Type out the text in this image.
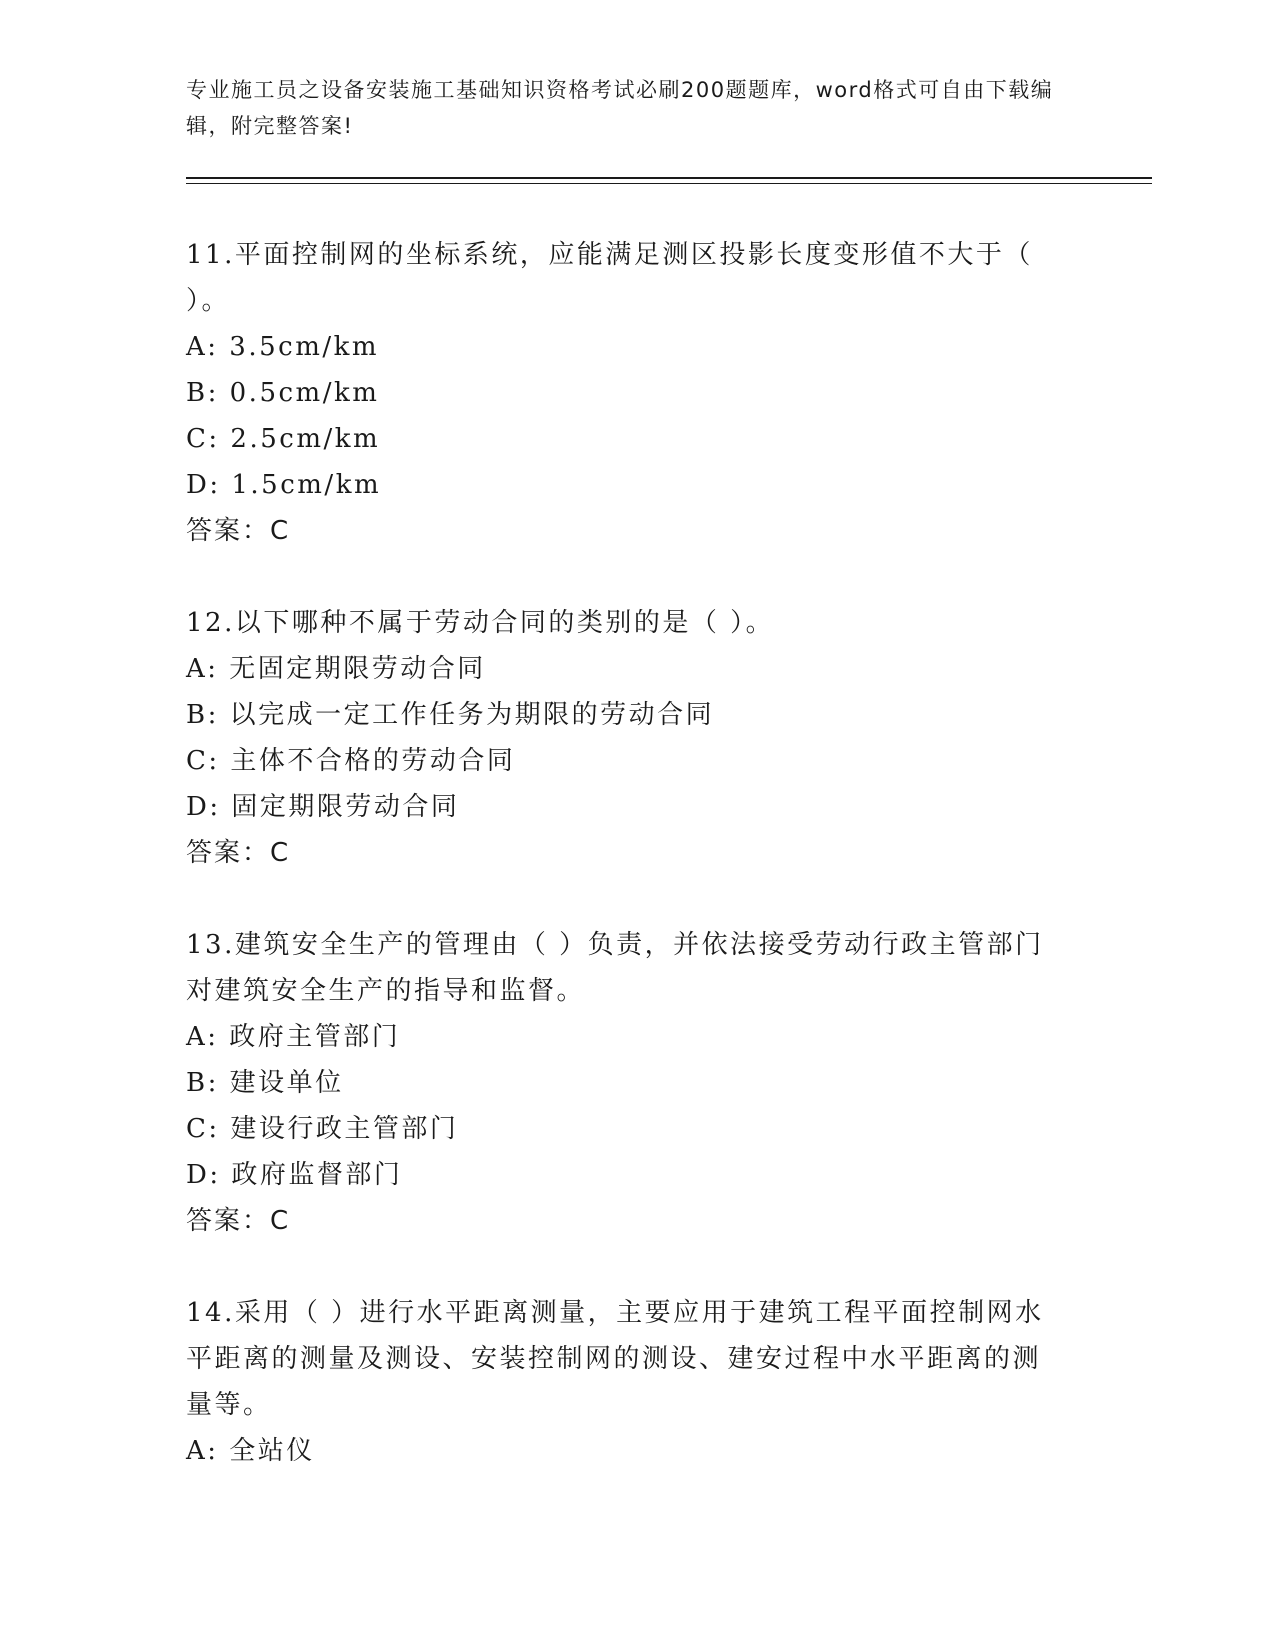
专业施工员之设备安装施工基础知识资格考试必刷200题题库，word格式可自由下载编辑，附完整答案!

11.平面控制网的坐标系统，应能满足测区投影长度变形值不大于（ ）。

A: 3.5cm/km

B: 0.5cm/km

C: 2.5cm/km

D: 1.5cm/km

答案：C

12.以下哪种不属于劳动合同的类别的是（ ）。

A: 无固定期限劳动合同

B: 以完成一定工作任务为期限的劳动合同

C: 主体不合格的劳动合同

D: 固定期限劳动合同

答案：C

13.建筑安全生产的管理由（ ）负责，并依法接受劳动行政主管部门对建筑安全生产的指导和监督。

A: 政府主管部门

B: 建设单位

C: 建设行政主管部门

D: 政府监督部门

答案：C

14.采用（ ）进行水平距离测量，主要应用于建筑工程平面控制网水平距离的测量及测设、安装控制网的测设、建安过程中水平距离的测量等。

A: 全站仪
